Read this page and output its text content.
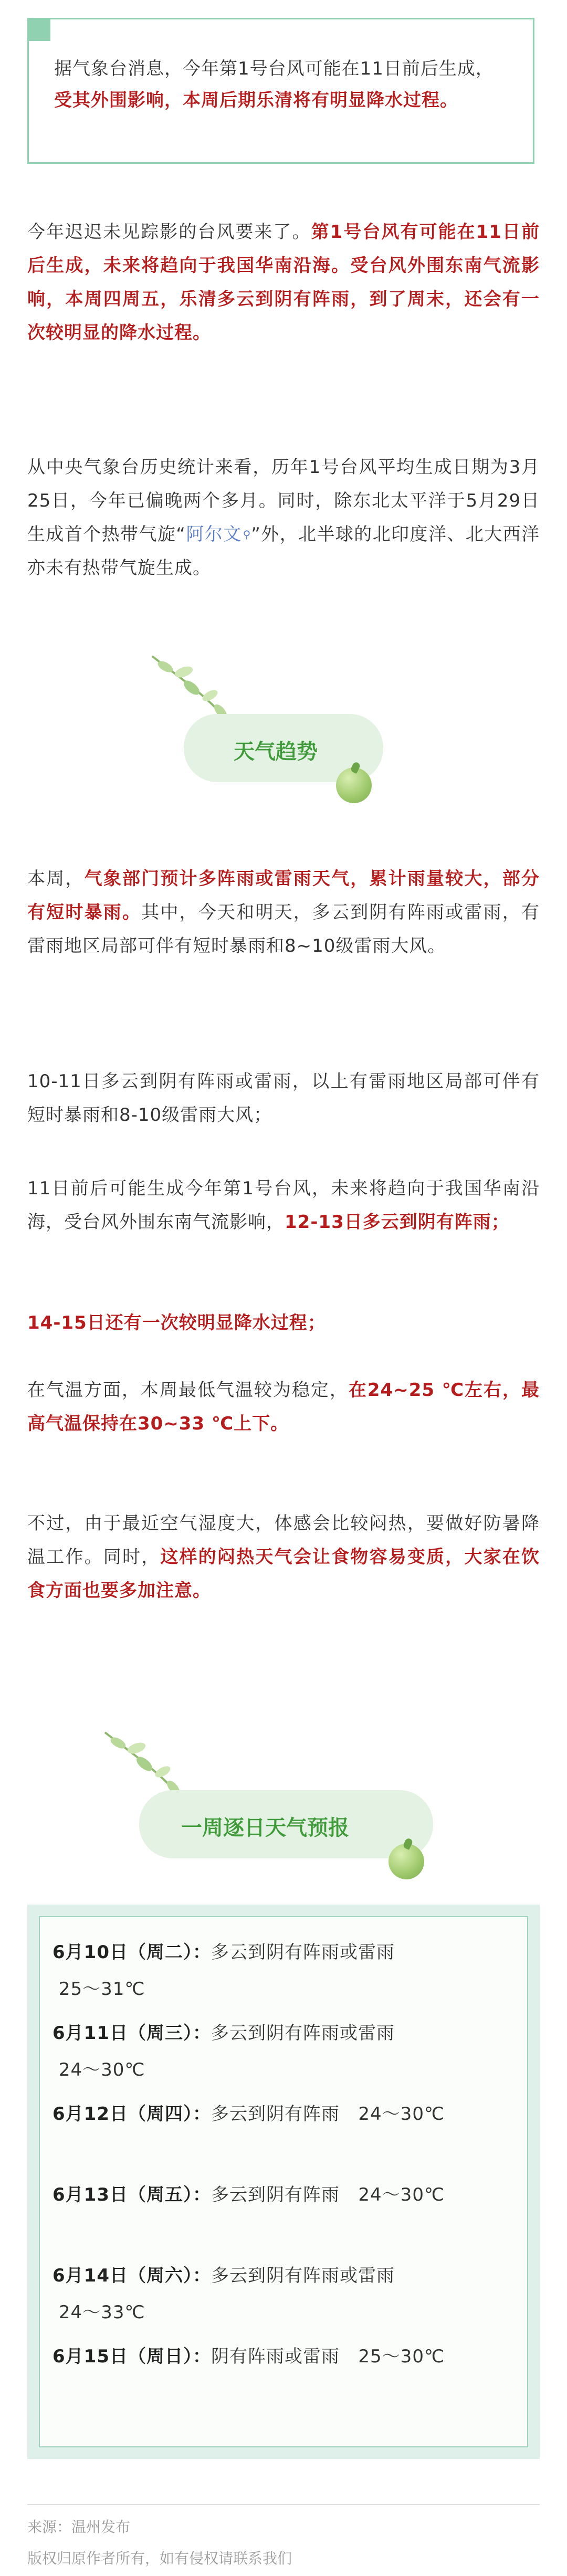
据气象台消息，今年第1号台风可能在11日前后生成，受其外围影响，本周后期乐清将有明显降水过程。
今年迟迟未见踪影的台风要来了。第1号台风有可能在11日前后生成，未来将趋向于我国华南沿海。受台风外围东南气流影响，本周四周五，乐清多云到阴有阵雨，到了周末，还会有一次较明显的降水过程。
从中央气象台历史统计来看，历年1号台风平均生成日期为3月25日，今年已偏晚两个多月。同时，除东北太平洋于5月29日生成首个热带气旋“阿尔文 ⚲”外，北半球的北印度洋、北大西洋亦未有热带气旋生成。
天气趋势
本周，气象部门预计多阵雨或雷雨天气，累计雨量较大，部分有短时暴雨。其中，今天和明天，多云到阴有阵雨或雷雨，有雷雨地区局部可伴有短时暴雨和8~10级雷雨大风。
10-11日多云到阴有阵雨或雷雨，以上有雷雨地区局部可伴有短时暴雨和8-10级雷雨大风；
11日前后可能生成今年第1号台风，未来将趋向于我国华南沿海，受台风外围东南气流影响，12-13日多云到阴有阵雨；
14-15日还有一次较明显降水过程；
在气温方面，本周最低气温较为稳定，在24~25 ℃左右，最高气温保持在30~33 ℃上下。
不过，由于最近空气湿度大，体感会比较闷热，要做好防暑降温工作。同时，这样的闷热天气会让食物容易变质，大家在饮食方面也要多加注意。
一周逐日天气预报
6月10日（周二）：多云到阴有阵雨或雷雨
25～31℃
6月11日（周三）：多云到阴有阵雨或雷雨
24～30℃
6月12日（周四）：多云到阴有阵雨 24～30℃
6月13日（周五）：多云到阴有阵雨 24～30℃
6月14日（周六）：多云到阴有阵雨或雷雨
24～33℃
6月15日（周日）：阴有阵雨或雷雨 25～30℃
来源：温州发布
版权归原作者所有，如有侵权请联系我们
